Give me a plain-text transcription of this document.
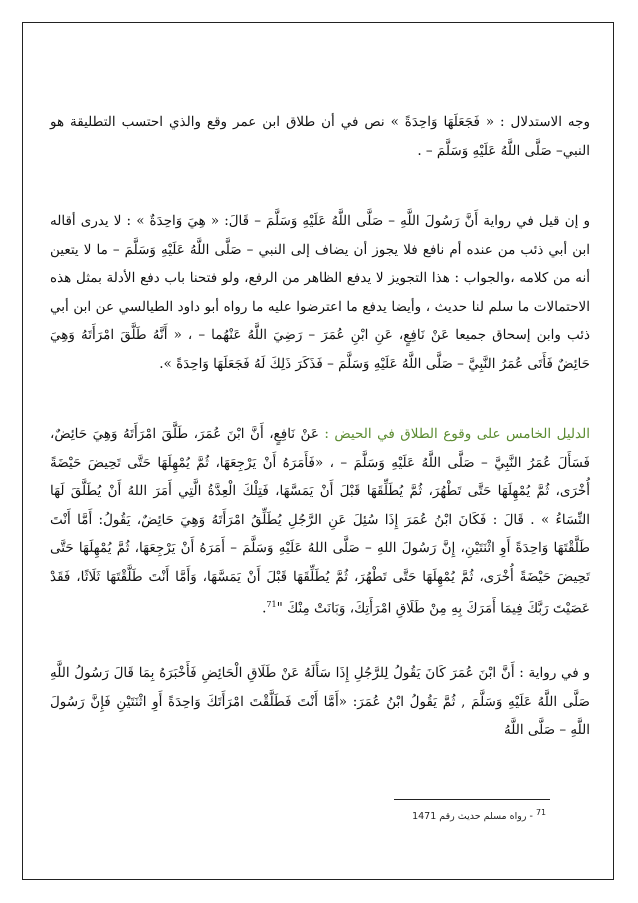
وجه الاستدلال : « فَجَعَلَهَا وَاحِدَةً » نص في أن طلاق ابن عمر وقع والذي احتسب التطليقة هو النبي– صَلَّى اللَّهُ عَلَيْهِ وَسَلَّمَ – .

و إن قيل في رواية أَنَّ رَسُولَ اللَّهِ – صَلَّى اللَّهُ عَلَيْهِ وَسَلَّمَ – قَالَ: « هِيَ وَاحِدَةٌ » : لا يدرى أقاله ابن أبي ذئب من عنده أم نافع فلا يجوز أن يضاف إلى النبي – صَلَّى اللَّهُ عَلَيْهِ وَسَلَّمَ – ما لا يتعين أنه من كلامه ،والجواب : هذا التجويز لا يدفع الظاهر من الرفع، ولو فتحنا باب دفع الأدلة بمثل هذه الاحتمالات ما سلم لنا حديث ، وأيضا يدفع ما اعترضوا عليه ما رواه أبو داود الطيالسي عن ابن أبي ذئب وابن إسحاق جميعا عَنْ نَافِعٍ، عَنِ ابْنِ عُمَرَ – رَضِيَ اللَّهُ عَنْهُما – ، « أَنَّهُ طَلَّقَ امْرَأَتَهُ وَهِيَ حَائِضٌ فَأَتَى عُمَرُ النَّبِيَّ – صَلَّى اللَّهُ عَلَيْهِ وَسَلَّمَ – فَذَكَرَ ذَلِكَ لَهُ فَجَعَلَهَا وَاحِدَةً ».

الدليل الخامس على وقوع الطلاق في الحيض : عَنْ نَافِعٍ، أَنَّ ابْنَ عُمَرَ، طَلَّقَ امْرَأَتَهُ وَهِيَ حَائِضٌ، فَسَأَلَ عُمَرُ النَّبِيَّ – صَلَّى اللَّهُ عَلَيْهِ وَسَلَّمَ – ، «فَأَمَرَهُ أَنْ يَرْجِعَهَا، ثُمَّ يُمْهِلَهَا حَتَّى تَحِيضَ حَيْضَةً أُخْرَى، ثُمَّ يُمْهِلَهَا حَتَّى تَطْهُرَ، ثُمَّ يُطَلِّقَهَا قَبْلَ أَنْ يَمَسَّهَا، فَتِلْكَ الْعِدَّةُ الَّتِي أَمَرَ اللهُ أَنْ يُطَلَّقَ لَهَا النِّسَاءُ » . قَالَ : فَكَانَ ابْنُ عُمَرَ إِذَا سُئِلَ عَنِ الرَّجُلِ يُطَلِّقُ امْرَأَتَهُ وَهِيَ حَائِضٌ، يَقُولُ: أَمَّا أَنْتَ طَلَّقْتَهَا وَاحِدَةً أَوِ اثْنَتَيْنِ، إِنَّ رَسُولَ اللهِ – صَلَّى اللهُ عَلَيْهِ وَسَلَّمَ – أَمَرَهُ أَنْ يَرْجِعَهَا، ثُمَّ يُمْهِلَهَا حَتَّى تَحِيضَ حَيْضَةً أُخْرَى، ثُمَّ يُمْهِلَهَا حَتَّى تَطْهُرَ، ثُمَّ يُطَلِّقَهَا قَبْلَ أَنْ يَمَسَّهَا، وَأَمَّا أَنْتَ طَلَّقْتَهَا ثَلَاثًا، فَقَدْ عَصَيْتَ رَبَّكَ فِيمَا أَمَرَكَ بِهِ مِنْ طَلَاقِ امْرَأَتِكَ، وَبَانَتْ مِنْكَ "$^{71}$.

و في رواية : أَنَّ ابْنَ عُمَرَ كَانَ يَقُولُ لِلرَّجُلِ إِذَا سَأَلَهُ عَنْ طَلَاقِ الْحَائِضِ فَأَخْبَرَهُ بِمَا قَالَ رَسُولُ اللَّهِ صَلَّى اللَّهُ عَلَيْهِ وَسَلَّمَ , ثُمَّ يَقُولُ ابْنُ عُمَرَ: «أَمَّا أَنْتَ فَطَلَّقْتَ امْرَأَتَكَ وَاحِدَةً أَوِ اثْنَتَيْنِ فَإِنَّ رَسُولَ اللَّهِ – صَلَّى اللَّهُ

$^{71}$ - رواه مسلم حديث رقم 1471
